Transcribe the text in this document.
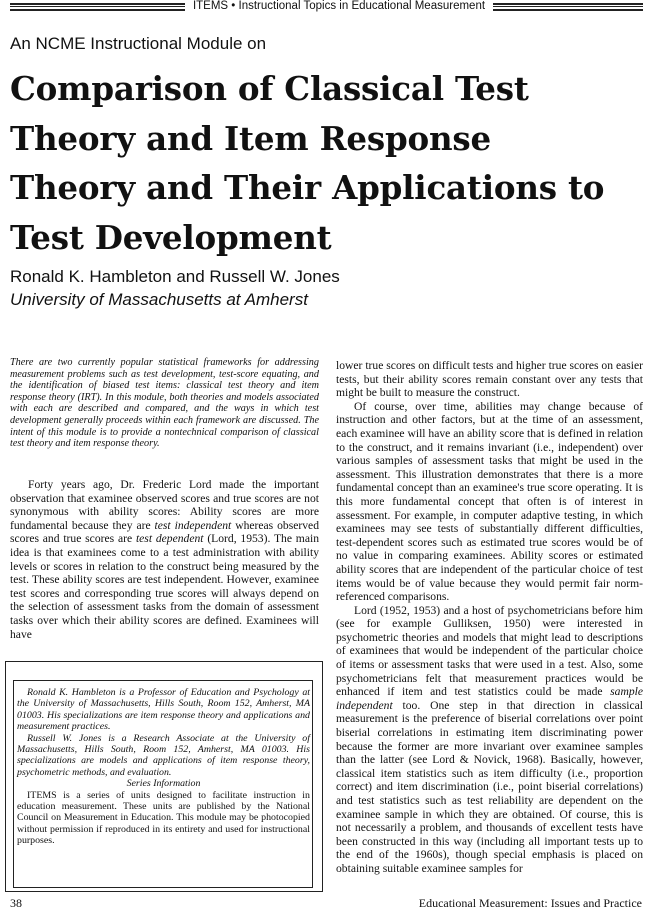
ITEMS • Instructional Topics in Educational Measurement
An NCME Instructional Module on
Comparison of Classical Test
Theory and Item Response
Theory and Their Applications to
Test Development
Ronald K. Hambleton and Russell W. Jones
University of Massachusetts at Amherst
There are two currently popular statistical frameworks for addressing measurement problems such as test development, test-score equating, and the identification of biased test items: classical test theory and item response theory (IRT). In this module, both theories and models associated with each are described and compared, and the ways in which test development generally proceeds within each framework are discussed. The intent of this module is to provide a nontechnical comparison of classical test theory and item response theory.

Forty years ago, Dr. Frederic Lord made the important observation that examinee observed scores and true scores are not synonymous with ability scores: Ability scores are more fundamental because they are test independent whereas observed scores and true scores are test dependent (Lord, 1953). The main idea is that examinees come to a test administration with ability levels or scores in relation to the construct being measured by the test. These ability scores are test independent. However, examinee test scores and corresponding true scores will always depend on the selection of assessment tasks from the domain of assessment tasks over which their ability scores are defined. Examinees will have

Ronald K. Hambleton is a Professor of Education and Psychology at the University of Massachusetts, Hills South, Room 152, Amherst, MA 01003. His specializations are item response theory and applications and measurement practices.

Russell W. Jones is a Research Associate at the University of Massachusetts, Hills South, Room 152, Amherst, MA 01003. His specializations are models and applications of item response theory, psychometric methods, and evaluation.

Series Information

ITEMS is a series of units designed to facilitate instruction in education measurement. These units are published by the National Council on Measurement in Education. This module may be photocopied without permission if reproduced in its entirety and used for instructional purposes.

lower true scores on difficult tests and higher true scores on easier tests, but their ability scores remain constant over any tests that might be built to measure the construct.

Of course, over time, abilities may change because of instruction and other factors, but at the time of an assessment, each examinee will have an ability score that is defined in relation to the construct, and it remains invariant (i.e., independent) over various samples of assessment tasks that might be used in the assessment. This illustration demonstrates that there is a more fundamental concept than an examinee's true score operating. It is this more fundamental concept that often is of interest in assessment. For example, in computer adaptive testing, in which examinees may see tests of substantially different difficulties, test-dependent scores such as estimated true scores would be of no value in comparing examinees. Ability scores or estimated ability scores that are independent of the particular choice of test items would be of value because they would permit fair norm-referenced comparisons.

Lord (1952, 1953) and a host of psychometricians before him (see for example Gulliksen, 1950) were interested in psychometric theories and models that might lead to descriptions of examinees that would be independent of the particular choice of items or assessment tasks that were used in a test. Also, some psychometricians felt that measurement practices would be enhanced if item and test statistics could be made sample independent too. One step in that direction in classical measurement is the preference of biserial correlations over point biserial correlations in estimating item discriminating power because the former are more invariant over examinee samples than the latter (see Lord & Novick, 1968). Basically, however, classical item statistics such as item difficulty (i.e., proportion correct) and item discrimination (i.e., point biserial correlations) and test statistics such as test reliability are dependent on the examinee sample in which they are obtained. Of course, this is not necessarily a problem, and thousands of excellent tests have been constructed in this way (including all important tests up to the end of the 1960s), though special emphasis is placed on obtaining suitable examinee samples for

38	Educational Measurement: Issues and Practice
